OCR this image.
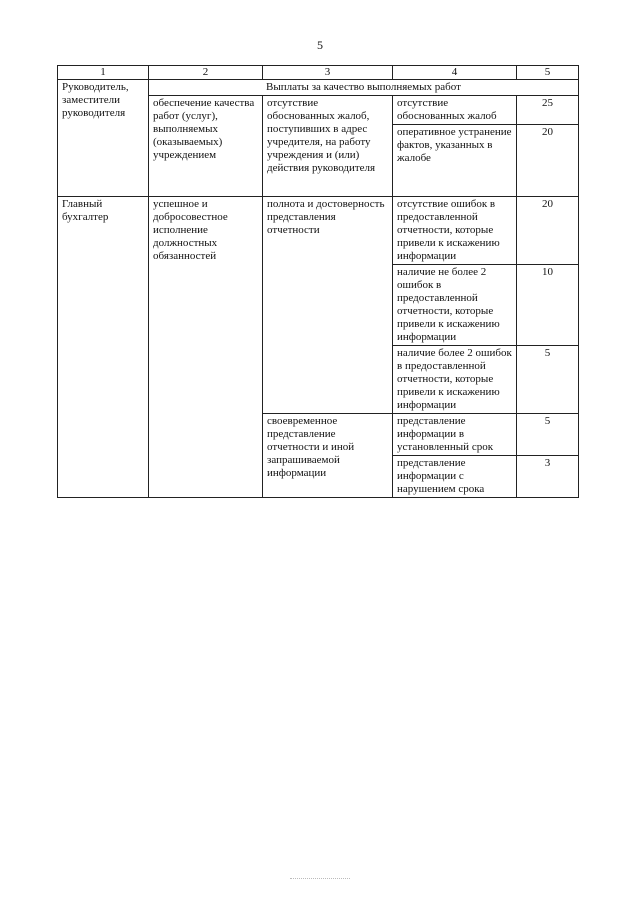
5
1	2	3	4	5
Руководитель, заместители руководителя	Выплаты за качество выполняемых работ			
	обеспечение качества работ (услуг), выполняемых (оказываемых) учреждением	отсутствие обоснованных жалоб, поступивших в адрес учредителя, на работу учреждения и (или) действия руководителя	отсутствие обоснованных жалоб	25
			оперативное устранение фактов, указанных в жалобе	20
Главный бухгалтер	успешное и добросовестное исполнение должностных обязанностей	полнота и достоверность представления отчетности	отсутствие ошибок в предоставленной отчетности, которые привели к искажению информации	20
			наличие не более 2 ошибок в предоставленной отчетности, которые привели к искажению информации	10
			наличие более 2 ошибок в предоставленной отчетности, которые привели к искажению информации	5
		своевременное представление отчетности и иной запрашиваемой информации	представление информации в установленный срок	5
			представление информации с нарушением срока	3
